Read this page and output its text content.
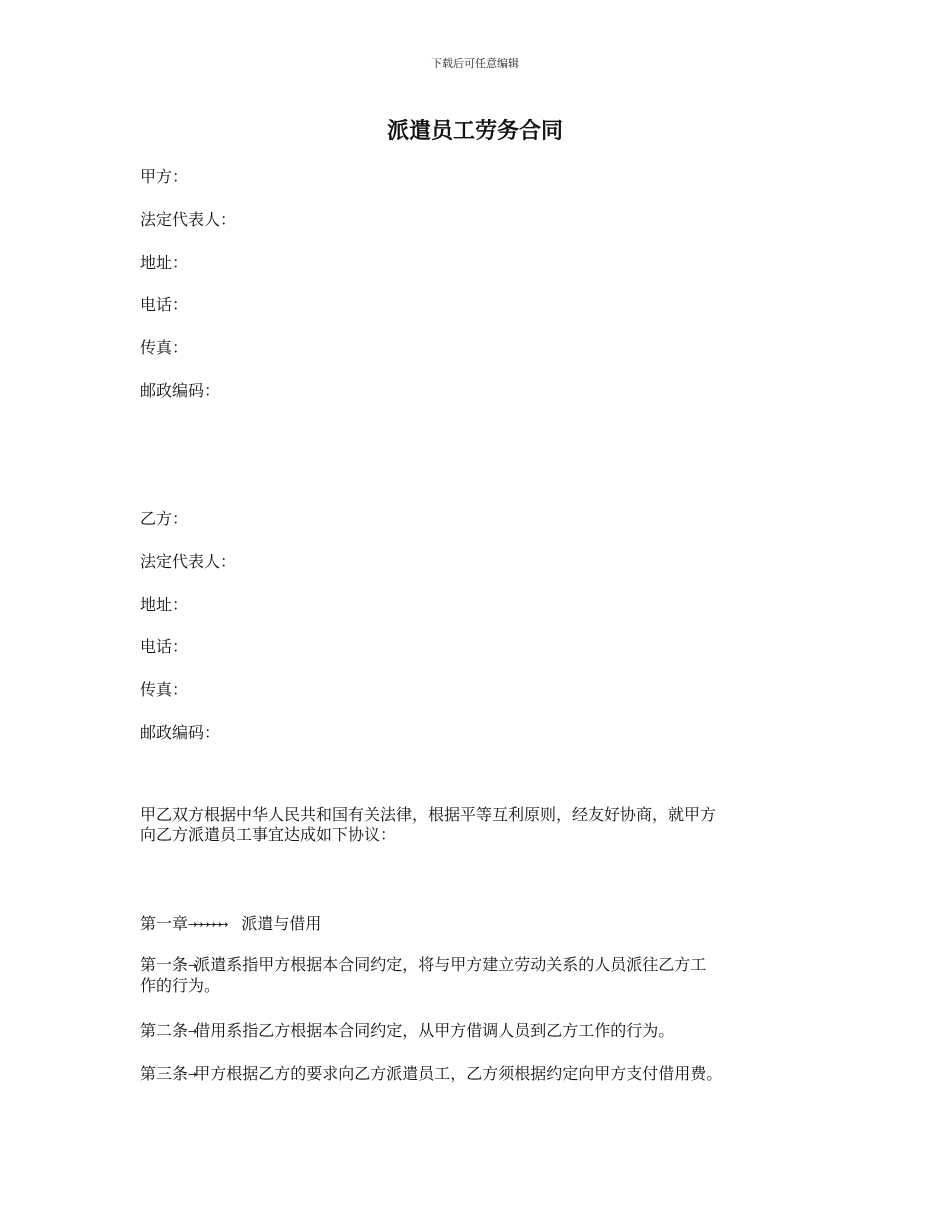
下载后可任意编辑
派遣员工劳务合同

甲方：

法定代表人：

地址：

电话：

传真：

邮政编码：

乙方：

法定代表人：

地址：

电话：

传真：

邮政编码：

甲乙双方根据中华人民共和国有关法律，根据平等互利原则，经友好协商，就甲方
向乙方派遣员工事宜达成如下协议：

第一章→→→→→→ 派遣与借用

第一条→派遣系指甲方根据本合同约定，将与甲方建立劳动关系的人员派往乙方工
作的行为。

第二条→借用系指乙方根据本合同约定，从甲方借调人员到乙方工作的行为。

第三条→甲方根据乙方的要求向乙方派遣员工，乙方须根据约定向甲方支付借用费。
